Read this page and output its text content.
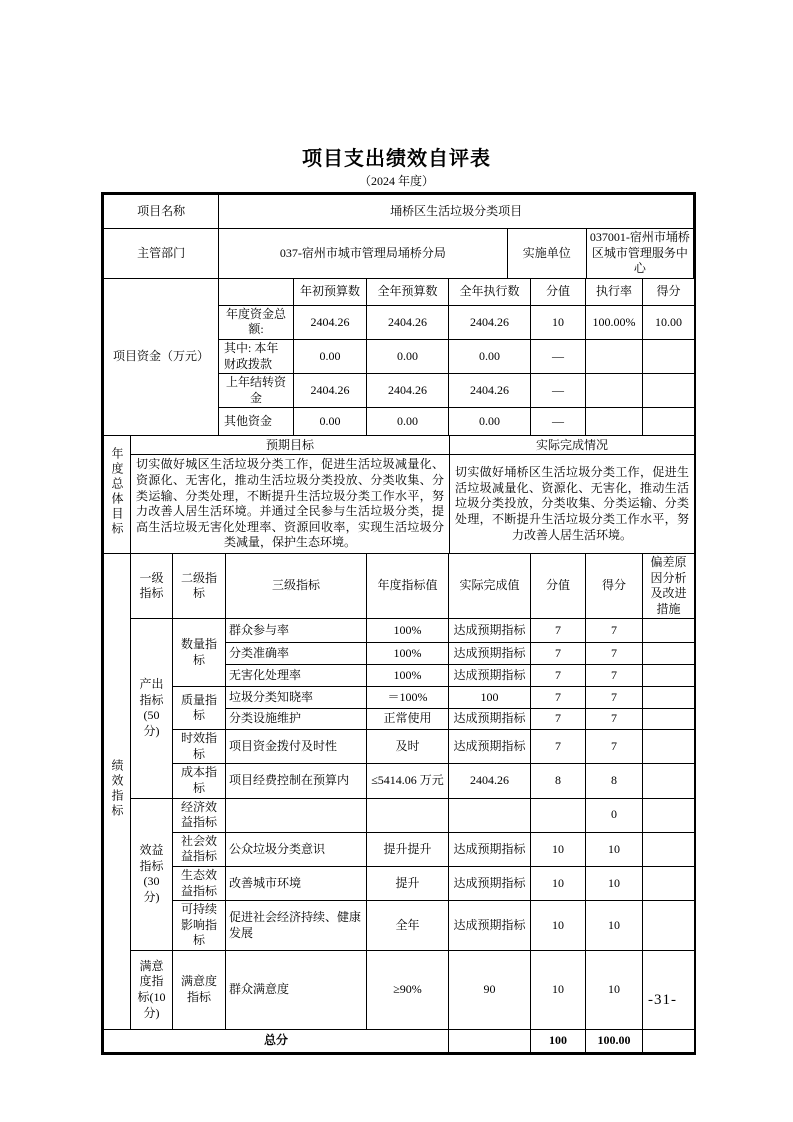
项目支出绩效自评表
（2024 年度）
项目名称	埇桥区生活垃圾分类项目		
主管部门	037-宿州市城市管理局埇桥分局	实施单位	037001-宿州市埇桥区城市管理服务中心
项目资金（万元）		年初预算数	全年预算数	全年执行数	分值	执行率	得分
	年度资金总额:	2404.26	2404.26	2404.26	10	100.00%	10.00
	其中: 本年财政拨款	0.00	0.00	0.00	—		
	上年结转资金	2404.26	2404.26	2404.26	—		
	其他资金	0.00	0.00	0.00	—		
年度总体目标	预期目标	实际完成情况
	切实做好城区生活垃圾分类工作，促进生活垃圾减量化、资源化、无害化，推动生活垃圾分类投放、分类收集、分类运输、分类处理，不断提升生活垃圾分类工作水平，努力改善人居生活环境。并通过全民参与生活垃圾分类，提高生活垃圾无害化处理率、资源回收率，实现生活垃圾分类减量，保护生态环境。	切实做好埇桥区生活垃圾分类工作，促进生活垃圾减量化、资源化、无害化，推动生活垃圾分类投放，分类收集、分类运输、分类处理，不断提升生活垃圾分类工作水平，努力改善人居生活环境。
绩效指标	一级指标	二级指标	三级指标	年度指标值	实际完成值	分值	得分	偏差原因分析及改进措施
	产出指标(50分)	数量指标	群众参与率	100%	达成预期指标	7	7	
			分类准确率	100%	达成预期指标	7	7	
			无害化处理率	100%	达成预期指标	7	7	
		质量指标	垃圾分类知晓率	＝100%	100	7	7	
			分类设施维护	正常使用	达成预期指标	7	7	
		时效指标	项目资金拨付及时性	及时	达成预期指标	7	7	
		成本指标	项目经费控制在预算内	≤5414.06 万元	2404.26	8	8	
	效益指标(30分)	经济效益指标					0	
		社会效益指标	公众垃圾分类意识	提升提升	达成预期指标	10	10	
		生态效益指标	改善城市环境	提升	达成预期指标	10	10	
		可持续影响指标	促进社会经济持续、健康发展	全年	达成预期指标	10	10	
	满意度指标(10分)	满意度指标	群众满意度	≥90%	90	10	10	
总分						100	100.00	
-31-
